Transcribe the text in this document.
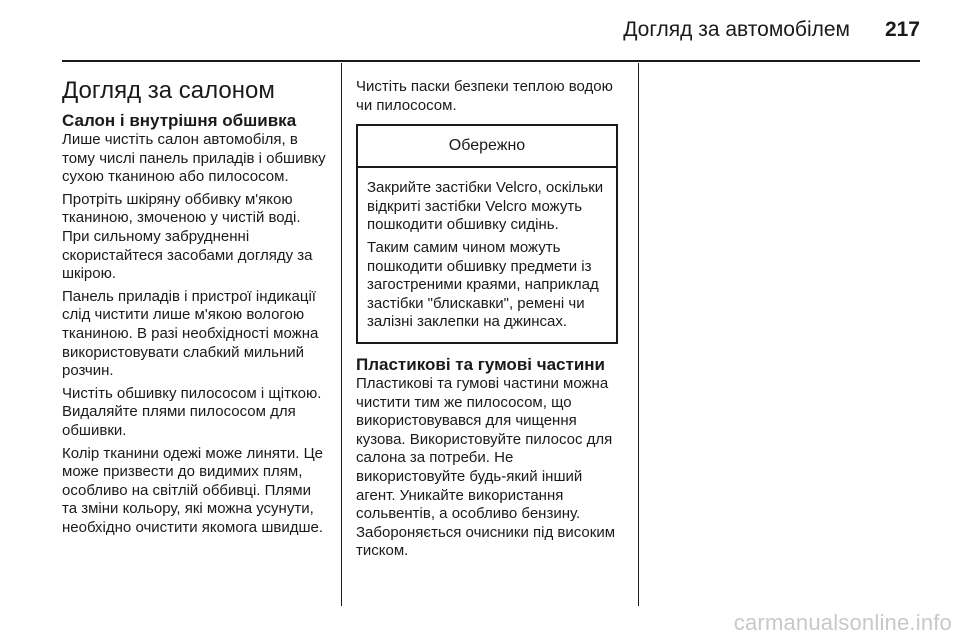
Догляд за автомобілем	217
Догляд за салоном
Салон і внутрішня обшивка

Лише чистіть салон автомобіля, в тому числі панель приладів і обшивку сухою тканиною або пилососом.

Протріть шкіряну оббивку м'якою тканиною, змоченою у чистій воді. При сильному забрудненні скористайтеся засобами догляду за шкірою.

Панель приладів і пристрої індикації слід чистити лише м'якою вологою тканиною. В разі необхідності можна використовувати слабкий мильний розчин.

Чистіть обшивку пилососом і щіткою. Видаляйте плями пилососом для обшивки.

Колір тканини одежі може линяти. Це може призвести до видимих плям, особливо на світлій оббивці. Плями та зміни кольору, які можна усунути, необхідно очистити якомога швидше.

Чистіть паски безпеки теплою водою чи пилососом.

Обережно

Закрийте застібки Velcro, оскільки відкриті застібки Velcro можуть пошкодити обшивку сидінь.

Таким самим чином можуть пошкодити обшивку предмети із загостреними краями, наприклад застібки "блискавки", ремені чи залізні заклепки на джинсах.

Пластикові та гумові частини

Пластикові та гумові частини можна чистити тим же пилососом, що використовувався для чищення кузова. Використовуйте пилосос для салона за потреби. Не використовуйте будь-який інший агент. Уникайте використання сольвентів, а особливо бензину. Забороняється очисники під високим тиском.

carmanualsonline.info
